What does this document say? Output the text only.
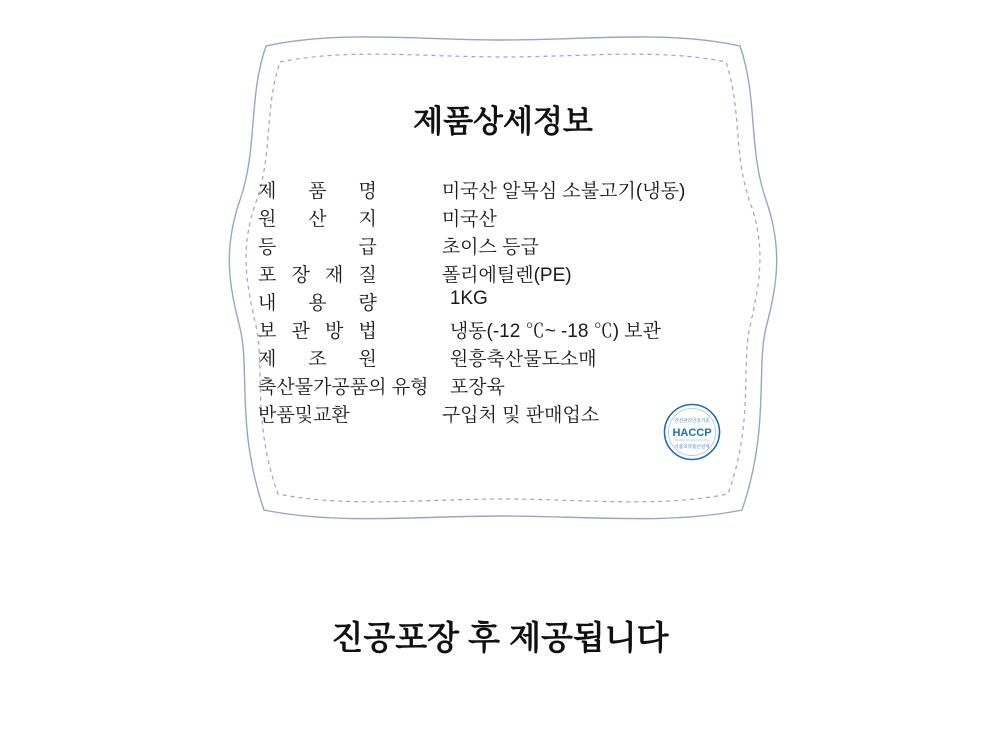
제품상세정보
제 품 명	미국산 알목심 소불고기(냉동)
원 산 지	미국산
등 급	초이스 등급
포 장 재 질	폴리에틸렌(PE)
내 용 량	1KG
보 관 방 법	냉동(-12 ℃~ -18 ℃) 보관
제 조 원	원흥축산물도소매
축산물가공품의 유형	포장육
반품및교환	구입처 및 판매업소	안전관리인증기준
HACCP
식품의약품안전처
진공포장 후 제공됩니다
